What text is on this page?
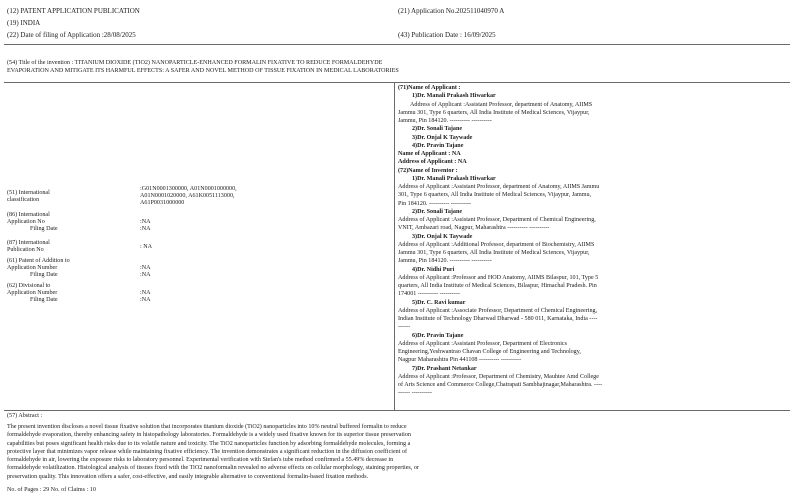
(12) PATENT APPLICATION PUBLICATION
(19) INDIA
(22) Date of filing of Application :28/08/2025
(21) Application No.202511040970 A
(43) Publication Date : 16/09/2025
(54) Title of the invention : TITANIUM DIOXIDE (TIO2) NANOPARTICLE-ENHANCED FORMALIN FIXATIVE TO REDUCE FORMALDEHYDE
EVAPORATION AND MITIGATE ITS HARMFUL EFFECTS: A SAFER AND NOVEL METHOD OF TISSUE FIXATION IN MEDICAL LABORATORIES
(51) International
classification
:G01N0001300000, A01N0001000000,
A01N0001020000, A61K0051113000,
A61P0031000000
(86) International
Application No
Filing Date
:NA
:NA
(87) International
Publication No	: NA
(61) Patent of Addition to
Application Number
Filing Date
:NA
:NA
(62) Divisional to
Application Number
Filing Date
:NA
:NA
(71)Name of Applicant :
1)Dr. Manali Prakash Hiwarkar
Address of Applicant :Assistant Professor, department of Anatomy, AIIMS
Jammu 301, Type 6 quarters, All India Institute of Medical Sciences, Vijaypur,
Jammu, Pin 184120. ---------- ----------
2)Dr. Sonali Tajane
3)Dr. Onjal K Taywade
4)Dr. Pravin Tajane
Name of Applicant : NA
Address of Applicant : NA
(72)Name of Inventor :
1)Dr. Manali Prakash Hiwarkar
Address of Applicant :Assistant Professor, department of Anatomy, AIIMS Jammu
301, Type 6 quarters, All India Institute of Medical Sciences, Vijaypur, Jammu,
Pin 184120. ---------- ----------
2)Dr. Sonali Tajane
Address of Applicant :Assistant Professor, Department of Chemical Engineering,
VNIT, Ambazari road, Nagpur, Maharashtra ---------- ----------
3)Dr. Onjal K Taywade
Address of Applicant :Additional Professor, department of Biochemistry, AIIMS
Jammu 301, Type 6 quarters, All India Institute of Medical Sciences, Vijaypur,
Jammu, Pin 184120. ---------- ----------
4)Dr. Nidhi Puri
Address of Applicant :Professor and HOD Anatomy, AIIMS Bilaspur, 101, Type 5
quarters, All India Institute of Medical Sciences, Bilaspur, Himachal Pradesh. Pin
174001 ---------- ----------
5)Dr. C. Ravi kumar
Address of Applicant :Associate Professor, Department of Chemical Engineering,
Indian Institute of Technology Dharwad Dharwad - 580 011, Karnataka, India ----
------
6)Dr. Pravin Tajane
Address of Applicant :Assistant Professor, Department of Electronics
Engineering,Yeshwantrao Chavan College of Engineering and Technology,
Nagpur Maharashtra Pin 441108 ---------- ----------
7)Dr. Prashant Netankar
Address of Applicant :Professor, Department of Chemistry, Mauhtee Amd College
of Arts Science and Commerce College,Chatrapati Sambhajinagar,Maharashtra. ----
------ ----------
(57) Abstract :
The present invention discloses a novel tissue fixative solution that incorporates titanium dioxide (TiO2) nanoparticles into 10% neutral buffered formalin to reduce
formaldehyde evaporation, thereby enhancing safety in histopathology laboratories. Formaldehyde is a widely used fixative known for its superior tissue preservation
capabilities but poses significant health risks due to its volatile nature and toxicity. The TiO2 nanoparticles function by adsorbing formaldehyde molecules, forming a
protective layer that minimizes vapor release while maintaining fixative efficiency. The invention demonstrates a significant reduction in the diffusion coefficient of
formaldehyde in air, lowering the exposure risks to laboratory personnel. Experimental verification with Stefan's tube method confirmed a 55.49% decrease in
formaldehyde volatilization. Histological analysis of tissues fixed with the TiO2 nanoformalin revealed no adverse effects on cellular morphology, staining properties, or
preservation quality. This innovation offers a safer, cost-effective, and easily integrable alternative to conventional formalin-based fixation methods.
No. of Pages : 29 No. of Claims : 10
